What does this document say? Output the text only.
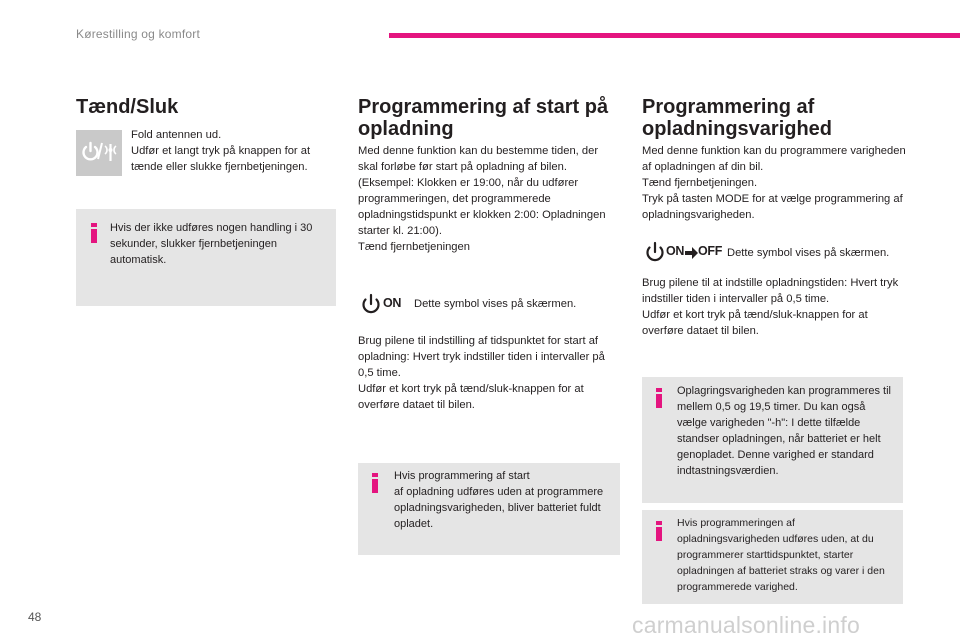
Kørestilling og komfort
Tænd/Sluk

Fold antennen ud.
Udfør et langt tryk på knappen for at tænde eller slukke fjernbetjeningen.

Hvis der ikke udføres nogen handling i 30 sekunder, slukker fjernbetjeningen automatisk.

Programmering af start på opladning

Med denne funktion kan du bestemme tiden, der skal forløbe før start på opladning af bilen.
(Eksempel: Klokken er 19:00, når du udfører programmeringen, det programmerede opladningstidspunkt er klokken 2:00: Opladningen starter kl. 21:00).
Tænd fjernbetjeningen

ON Dette symbol vises på skærmen.

Brug pilene til indstilling af tidspunktet for start af opladning: Hvert tryk indstiller tiden i intervaller på 0,5 time.
Udfør et kort tryk på tænd/sluk-knappen for at overføre dataet til bilen.

Hvis programmering af start
af opladning udføres uden at programmere opladningsvarigheden, bliver batteriet fuldt opladet.

Programmering af opladningsvarighed

Med denne funktion kan du programmere varigheden af opladningen af din bil.
Tænd fjernbetjeningen.
Tryk på tasten MODE for at vælge programmering af opladningsvarigheden.

ON OFF Dette symbol vises på skærmen.

Brug pilene til at indstille opladningstiden: Hvert tryk indstiller tiden i intervaller på 0,5 time.
Udfør et kort tryk på tænd/sluk-knappen for at overføre dataet til bilen.

Oplagringsvarigheden kan programmeres til mellem 0,5 og 19,5 timer. Du kan også vælge varigheden "-h": I dette tilfælde standser opladningen, når batteriet er helt genopladet. Denne varighed er standard indtastningsværdien.

Hvis programmeringen af opladningsvarigheden udføres uden, at du programmerer starttidspunktet, starter opladningen af batteriet straks og varer i den programmerede varighed.

48	carmanualsonline.info
